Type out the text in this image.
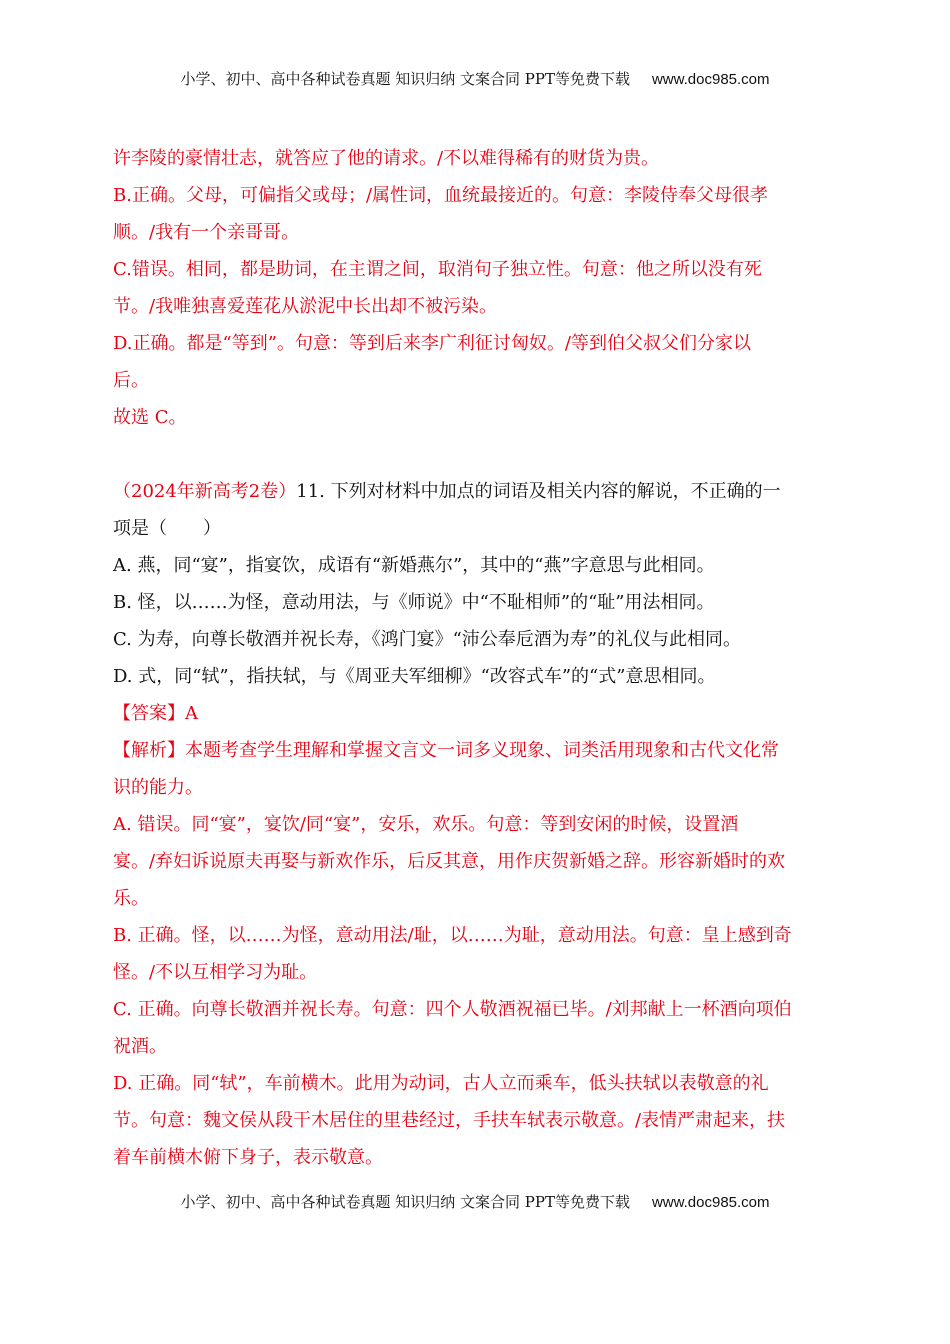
小学、初中、高中各种试卷真题 知识归纳 文案合同 PPT等免费下载 www.doc985.com
许李陵的豪情壮志，就答应了他的请求。/不以难得稀有的财货为贵。
B.正确。父母，可偏指父或母；/属性词，血统最接近的。句意：李陵侍奉父母很孝
顺。/我有一个亲哥哥。
C.错误。相同，都是助词，在主谓之间，取消句子独立性。句意：他之所以没有死
节。/我唯独喜爱莲花从淤泥中长出却不被污染。
D.正确。都是“等到”。句意：等到后来李广利征讨匈奴。/等到伯父叔父们分家以
后。
故选 C。
（2024年新高考2卷）11. 下列对材料中加点的词语及相关内容的解说，不正确的一
项是（　　）
A. 燕，同“宴”，指宴饮，成语有“新婚燕尔”，其中的“燕”字意思与此相同。
B. 怪，以……为怪，意动用法，与《师说》中“不耻相师”的“耻”用法相同。
C. 为寿，向尊长敬酒并祝长寿，《鸿门宴》“沛公奉卮酒为寿”的礼仪与此相同。
D. 式，同“轼”，指扶轼，与《周亚夫军细柳》“改容式车”的“式”意思相同。
【答案】A
【解析】本题考查学生理解和掌握文言文一词多义现象、词类活用现象和古代文化常
识的能力。
A. 错误。同“宴”，宴饮/同“宴”，安乐，欢乐。句意：等到安闲的时候，设置酒
宴。/弃妇诉说原夫再娶与新欢作乐，后反其意，用作庆贺新婚之辞。形容新婚时的欢
乐。
B. 正确。怪，以……为怪，意动用法/耻，以……为耻，意动用法。句意：皇上感到奇
怪。/不以互相学习为耻。
C. 正确。向尊长敬酒并祝长寿。句意：四个人敬酒祝福已毕。/刘邦献上一杯酒向项伯
祝酒。
D. 正确。同“轼”，车前横木。此用为动词，古人立而乘车，低头扶轼以表敬意的礼
节。句意：魏文侯从段干木居住的里巷经过，手扶车轼表示敬意。/表情严肃起来，扶
着车前横木俯下身子，表示敬意。
小学、初中、高中各种试卷真题 知识归纳 文案合同 PPT等免费下载 www.doc985.com
